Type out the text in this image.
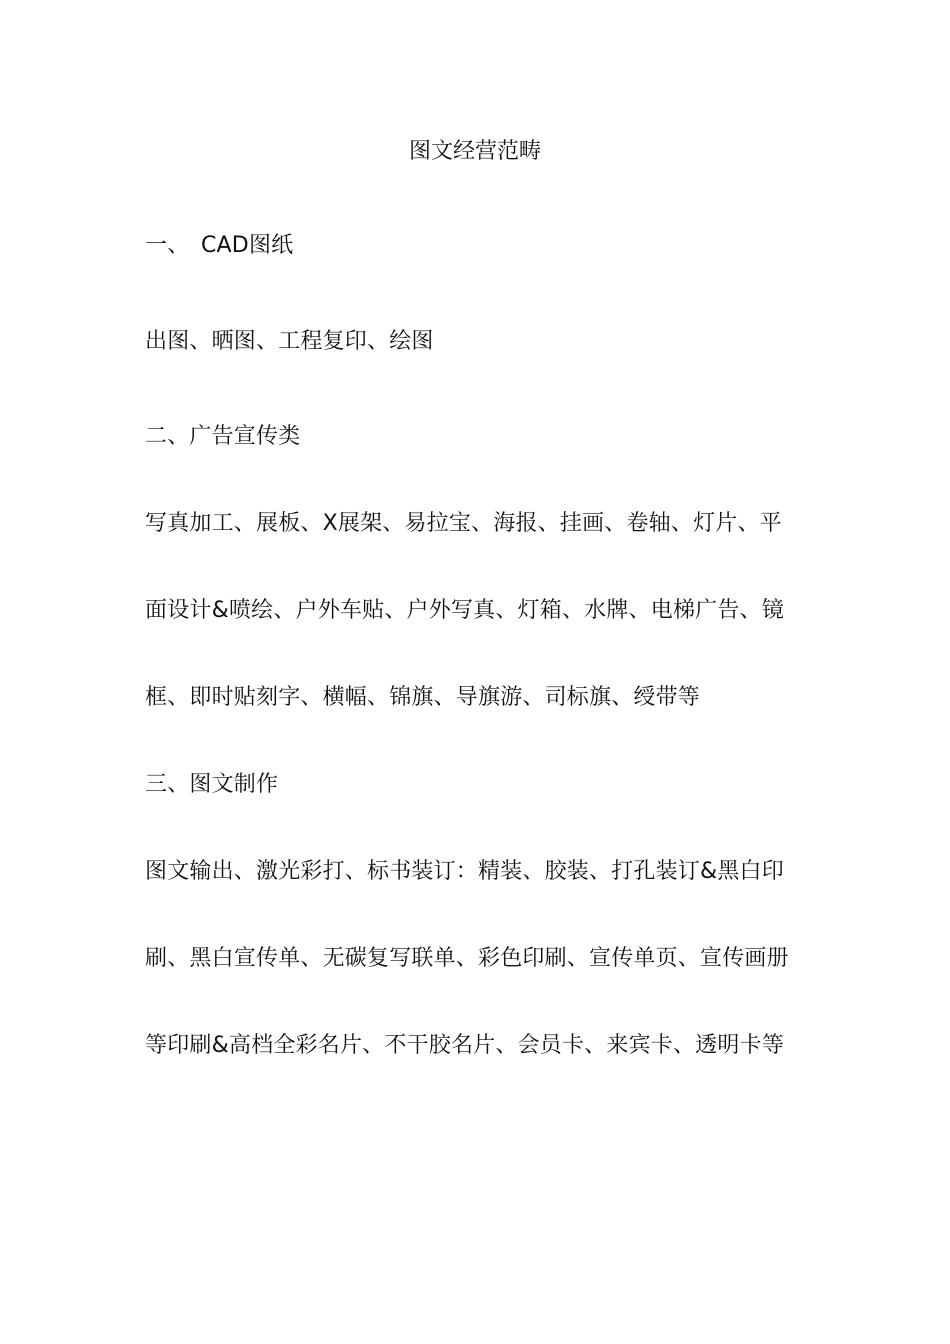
图文经营范畴
一、 CAD图纸
出图、晒图、工程复印、绘图
二、广告宣传类
写真加工、展板、X展架、易拉宝、海报、挂画、卷轴、灯片、平
面设计&喷绘、户外车贴、户外写真、灯箱、水牌、电梯广告、镜
框、即时贴刻字、横幅、锦旗、导旗游、司标旗、绶带等
三、图文制作
图文输出、激光彩打、标书装订：精装、胶装、打孔装订&黑白印
刷、黑白宣传单、无碳复写联单、彩色印刷、宣传单页、宣传画册
等印刷&高档全彩名片、不干胶名片、会员卡、来宾卡、透明卡等
